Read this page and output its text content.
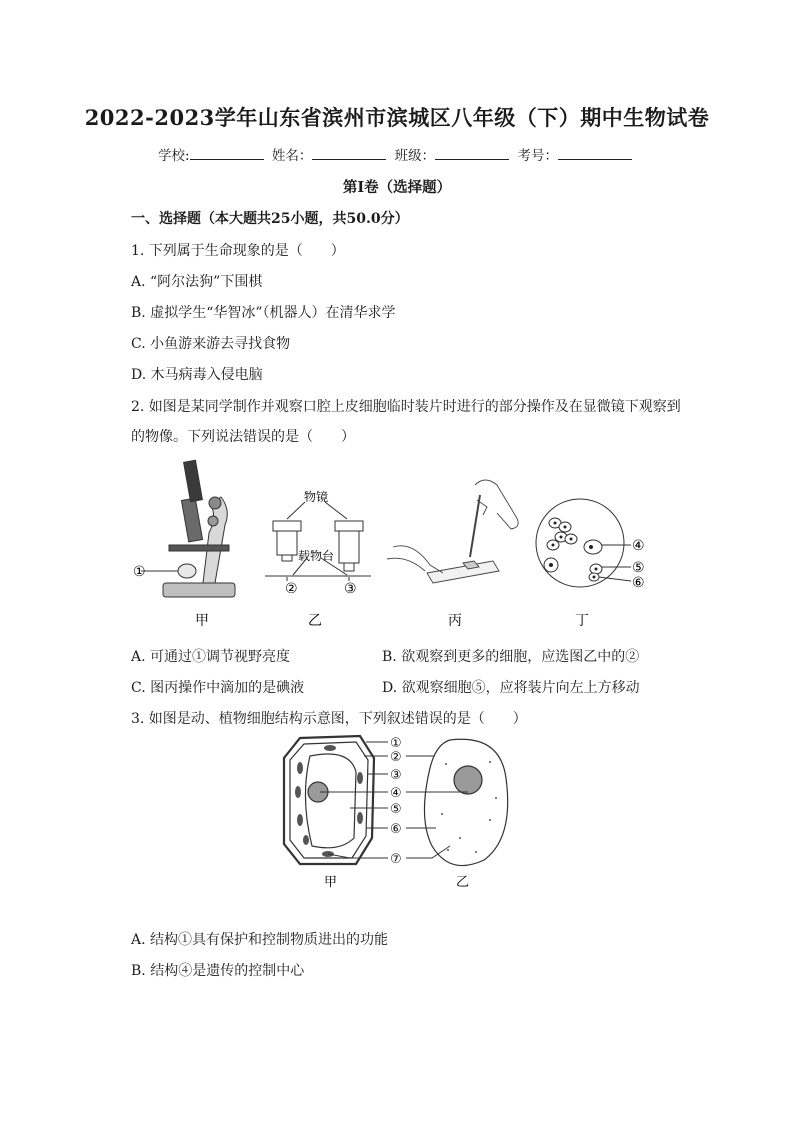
2022-2023学年山东省滨州市滨城区八年级（下）期中生物试卷
学校:	姓名：	班级：	考号：
第I卷（选择题）
一、选择题（本大题共25小题，共50.0分）
1. 下列属于生命现象的是（　　）
A. “阿尔法狗”下围棋
B. 虚拟学生“华智冰”（机器人）在清华求学
C. 小鱼游来游去寻找食物
D. 木马病毒入侵电脑
2. 如图是某同学制作并观察口腔上皮细胞临时装片时进行的部分操作及在显微镜下观察到
的物像。下列说法错误的是（　　）
①
物镜
载物台
②	③
④
⑤
⑥
甲	乙	丙	丁
A. 可通过①调节视野亮度	B. 欲观察到更多的细胞，应选图乙中的②
C. 图丙操作中滴加的是碘液	D. 欲观察细胞⑤，应将装片向左上方移动
3. 如图是动、植物细胞结构示意图，下列叙述错误的是（　　）
①
②
③
④
⑤
⑥
⑦
甲	乙
A. 结构①具有保护和控制物质进出的功能
B. 结构④是遗传的控制中心
